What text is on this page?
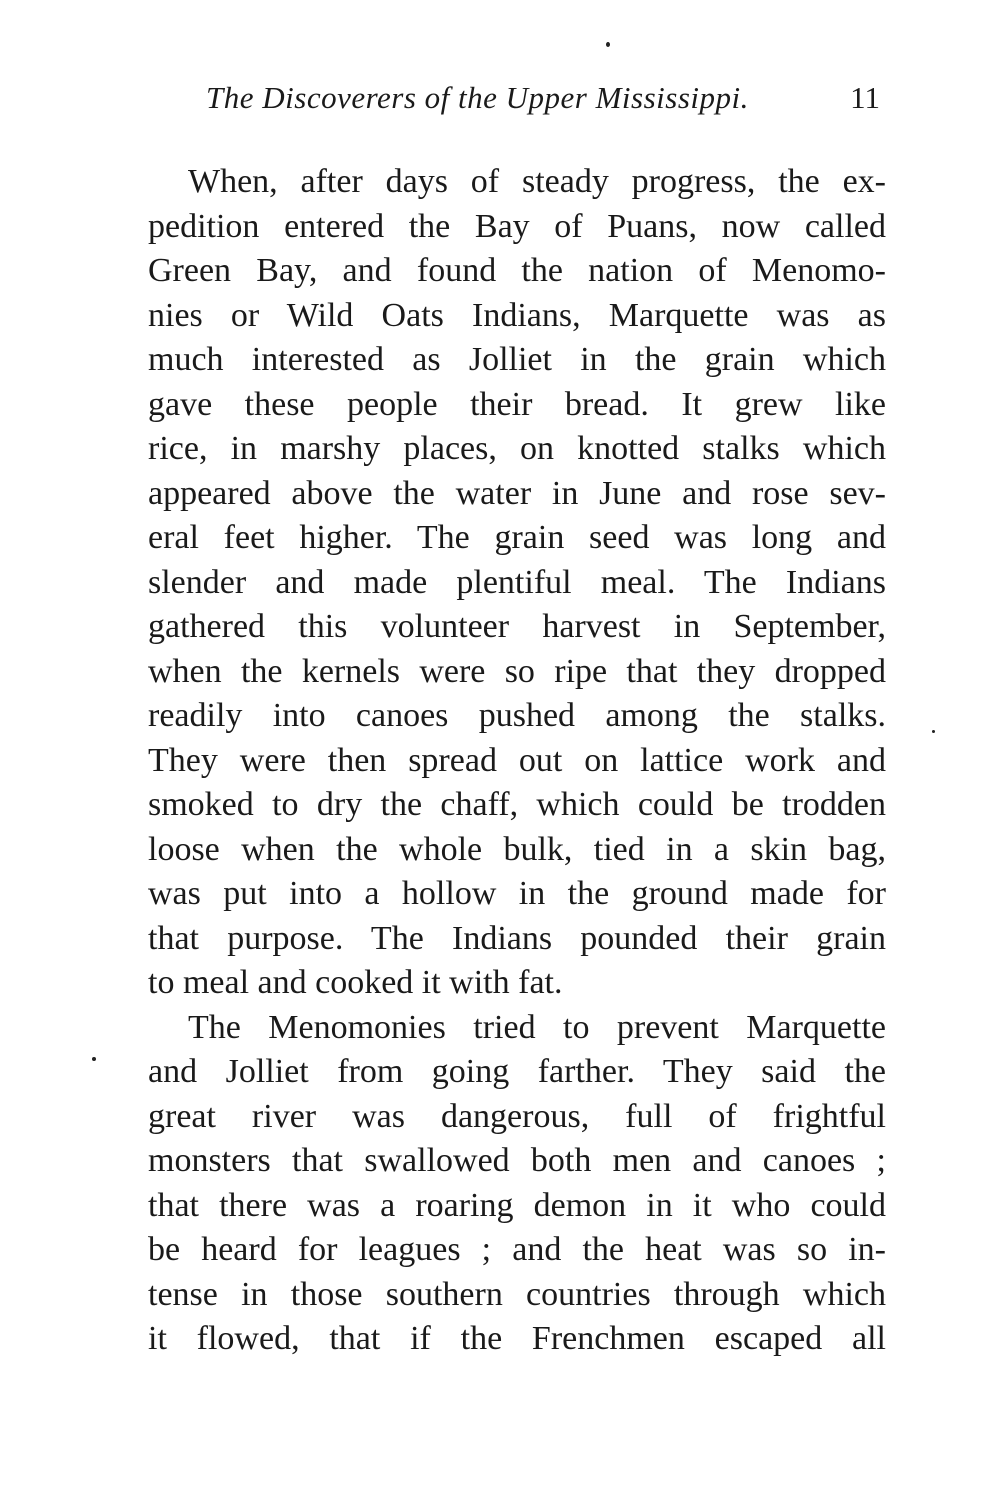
The Discoverers of the Upper Mississippi.	11
When, after days of steady progress, the ex-
pedition entered the Bay of Puans, now called
Green Bay, and found the nation of Menomo-
nies or Wild Oats Indians, Marquette was as
much interested as Jolliet in the grain which
gave these people their bread. It grew like
rice, in marshy places, on knotted stalks which
appeared above the water in June and rose sev-
eral feet higher. The grain seed was long and
slender and made plentiful meal. The Indians
gathered this volunteer harvest in September,
when the kernels were so ripe that they dropped
readily into canoes pushed among the stalks.
They were then spread out on lattice work and
smoked to dry the chaff, which could be trodden
loose when the whole bulk, tied in a skin bag,
was put into a hollow in the ground made for
that purpose. The Indians pounded their grain
to meal and cooked it with fat.
The Menomonies tried to prevent Marquette
and Jolliet from going farther. They said the
great river was dangerous, full of frightful
monsters that swallowed both men and canoes ;
that there was a roaring demon in it who could
be heard for leagues ; and the heat was so in-
tense in those southern countries through which
it flowed, that if the Frenchmen escaped all
